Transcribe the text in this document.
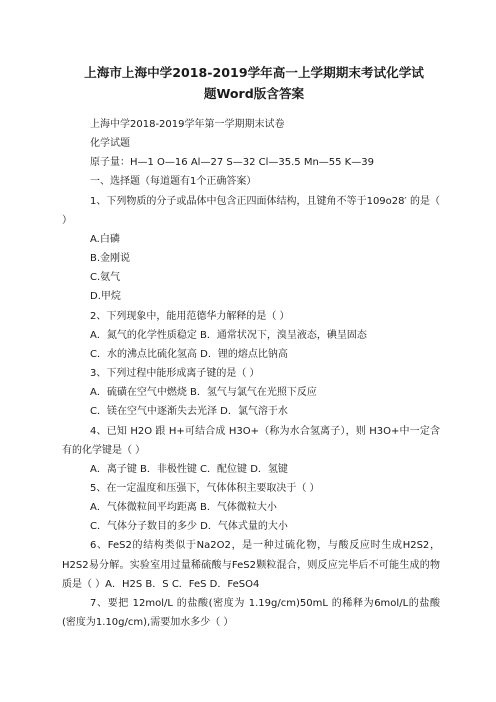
上海市上海中学2018-2019学年高一上学期期末考试化学试
题Word版含答案

上海中学2018-2019学年第一学期期末试卷

化学试题

原子量：H—1 O—16 Al—27 S—32 Cl—35.5 Mn—55 K—39

一、选择题（每道题有1个正确答案）

1、下列物质的分子或晶体中包含正四面体结构，且键角不等于109o28′ 的是（ ）

A.白磷

B.金刚说

C.氨气

D.甲烷

2、下列现象中，能用范德华力解释的是（ ）

A．氮气的化学性质稳定 B．通常状况下，溴呈液态，碘呈固态

C．水的沸点比硫化氢高 D．锂的熔点比钠高

3、下列过程中能形成离子键的是（ ）

A．硫磺在空气中燃烧 B．氢气与氯气在光照下反应

C．镁在空气中逐渐失去光泽 D．氯气溶于水

4、已知 H2O 跟 H+可结合成 H3O+（称为水合氢离子），则 H3O+中一定含有的化学键是（ ）

A．离子键 B．非极性键 C．配位键 D．氢键

5、在一定温度和压强下，气体体积主要取决于（ ）

A．气体微粒间平均距离 B．气体微粒大小

C．气体分子数目的多少 D．气体式量的大小

6、FeS2的结构类似于Na2O2，是一种过硫化物，与酸反应时生成H2S2，H2S2易分解。实验室用过量稀硫酸与FeS2颗粒混合，则反应完毕后不可能生成的物质是（ ）A．H2S B．S C．FeS D．FeSO4

7、要把 12mol/L 的盐酸(密度为 1.19g/cm)50mL 的稀释为6mol/L的盐酸(密度为1.10g/cm),需要加水多少（ ）
